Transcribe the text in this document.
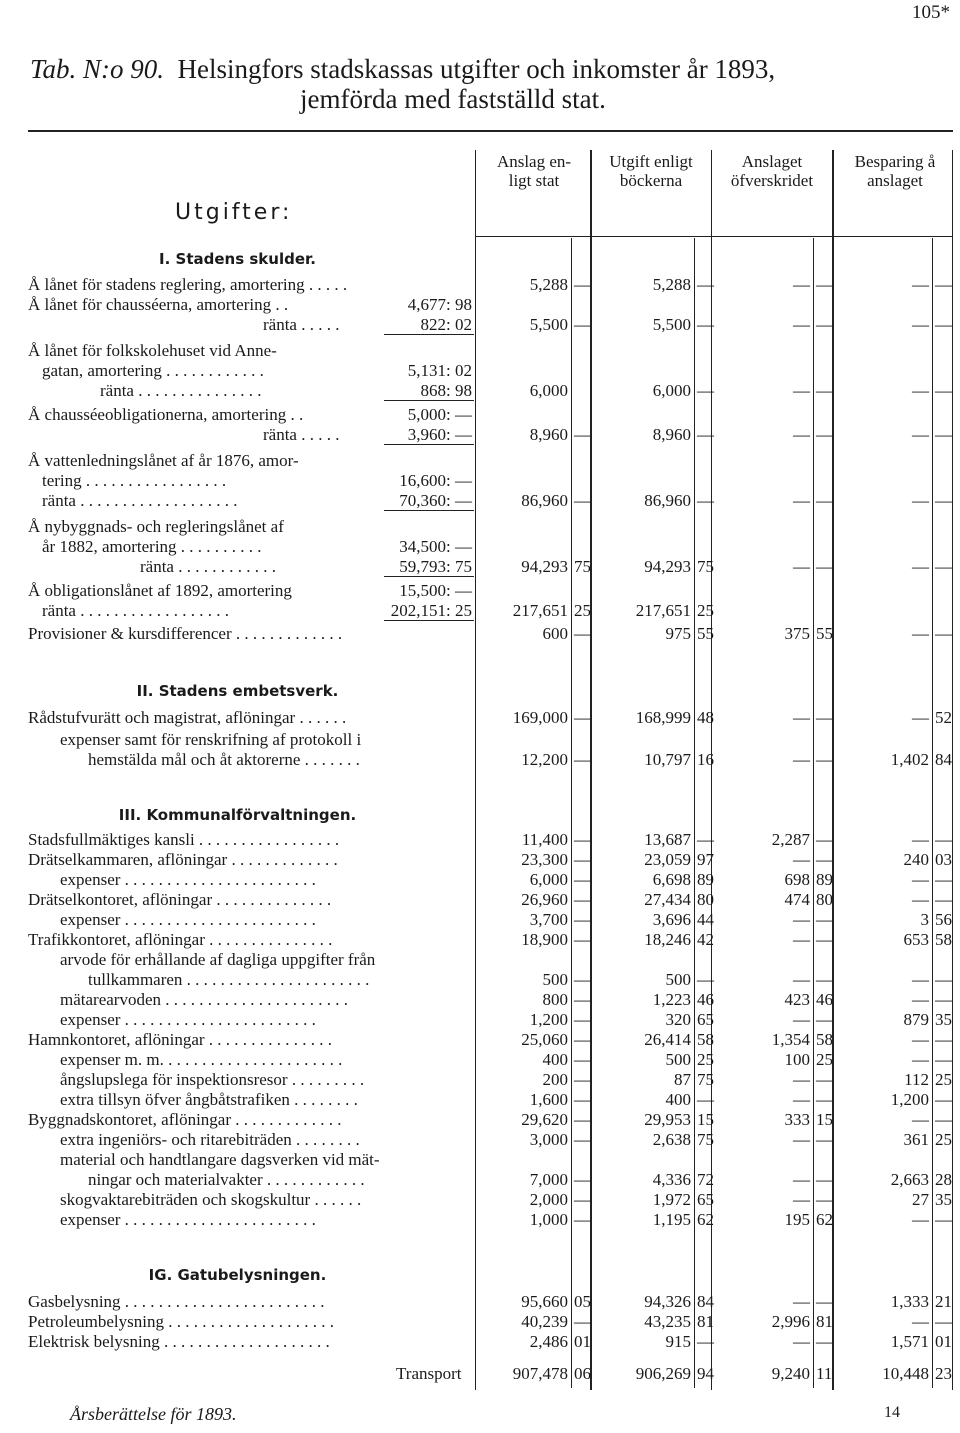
105*
Tab. N:o 90. Helsingfors stadskassas utgifter och inkomster år 1893,
jemförda med fastställd stat.
Utgifter:
Anslag en-
ligt stat
Utgift enligt
böckerna
Anslaget
öfverskridet
Besparing å
anslaget
I. Stadens skulder.
II. Stadens embetsverk.
III. Kommunalförvaltningen.
IG. Gatubelysningen.
Å lånet för stadens reglering, amortering . . . . .	5,288 —	5,288 —	— —	— —
Å lånet för chausséerna, amortering . .	4,677: 98
ränta . . . . .	822: 02	5,500 —	5,500 —	— —	— —
Å lånet för folkskolehuset vid Anne-
gatan, amortering . . . . . . . . . . . .	5,131: 02
ränta . . . . . . . . . . . . . . .	868: 98	6,000	6,000 —	— —	— —
Å chausséeobligationerna, amortering . .	5,000: —
ränta . . . . .	3,960: —	8,960 —	8,960 —	— —	— —
Å vattenledningslånet af år 1876, amor-
tering . . . . . . . . . . . . . . . . .	16,600: —
ränta . . . . . . . . . . . . . . . . . . .	70,360: —	86,960 —	86,960 —	— —	— —
Å nybyggnads- och regleringslånet af
år 1882, amortering . . . . . . . . . .	34,500: —
ränta . . . . . . . . . . . .	59,793: 75	94,293 75	94,293 75	— —	— —
Å obligationslånet af 1892, amortering	15,500: —
ränta . . . . . . . . . . . . . . . . . .	202,151: 25	217,651 25	217,651 25
Provisioner & kursdifferencer . . . . . . . . . . . . .	600 —	975 55	375 55	— —
Rådstufvurätt och magistrat, aflöningar . . . . . .	169,000 —	168,999 48	— —	— 52
expenser samt för renskrifning af protokoll i
hemstälda mål och åt aktorerne . . . . . . .	12,200 —	10,797 16	— —	1,402 84
Stadsfullmäktiges kansli . . . . . . . . . . . . . . . . .	11,400 —	13,687 —	2,287 —	— —
Drätselkammaren, aflöningar . . . . . . . . . . . . .	23,300 —	23,059 97	— —	240 03
expenser . . . . . . . . . . . . . . . . . . . . . . .	6,000 —	6,698 89	698 89	— —
Drätselkontoret, aflöningar . . . . . . . . . . . . . .	26,960 —	27,434 80	474 80	— —
expenser . . . . . . . . . . . . . . . . . . . . . . .	3,700 —	3,696 44	— —	3 56
Trafikkontoret, aflöningar . . . . . . . . . . . . . . .	18,900 —	18,246 42	— —	653 58
arvode för erhållande af dagliga uppgifter från
tullkammaren . . . . . . . . . . . . . . . . . . . . . .	500 —	500 —	— —	— —
mätarearvoden . . . . . . . . . . . . . . . . . . . . . .	800 —	1,223 46	423 46	— —
expenser . . . . . . . . . . . . . . . . . . . . . . .	1,200 —	320 65	— —	879 35
Hamnkontoret, aflöningar . . . . . . . . . . . . . . .	25,060 —	26,414 58	1,354 58	— —
expenser m. m. . . . . . . . . . . . . . . . . . . . . .	400 —	500 25	100 25	— —
ångslupslega för inspektionsresor . . . . . . . . .	200 —	87 75	— —	112 25
extra tillsyn öfver ångbåtstrafiken . . . . . . . .	1,600 —	400 —	— —	1,200 —
Byggnadskontoret, aflöningar . . . . . . . . . . . . .	29,620 —	29,953 15	333 15	— —
extra ingeniörs- och ritarebiträden . . . . . . . .	3,000 —	2,638 75	— —	361 25
material och handtlangare dagsverken vid mät-
ningar och materialvakter . . . . . . . . . . . .	7,000 —	4,336 72	— —	2,663 28
skogvaktarebiträden och skogskultur . . . . . .	2,000 —	1,972 65	— —	27 35
expenser . . . . . . . . . . . . . . . . . . . . . . .	1,000 —	1,195 62	195 62	— —
Gasbelysning . . . . . . . . . . . . . . . . . . . . . . . .	95,660 05	94,326 84	— —	1,333 21
Petroleumbelysning . . . . . . . . . . . . . . . . . . . .	40,239 —	43,235 81	2,996 81	— —
Elektrisk belysning . . . . . . . . . . . . . . . . . . . .	2,486 01	915 —	— —	1,571 01
Transport	907,478 06	906,269 94	9,240 11	10,448 23
Årsberättelse för 1893.	14
